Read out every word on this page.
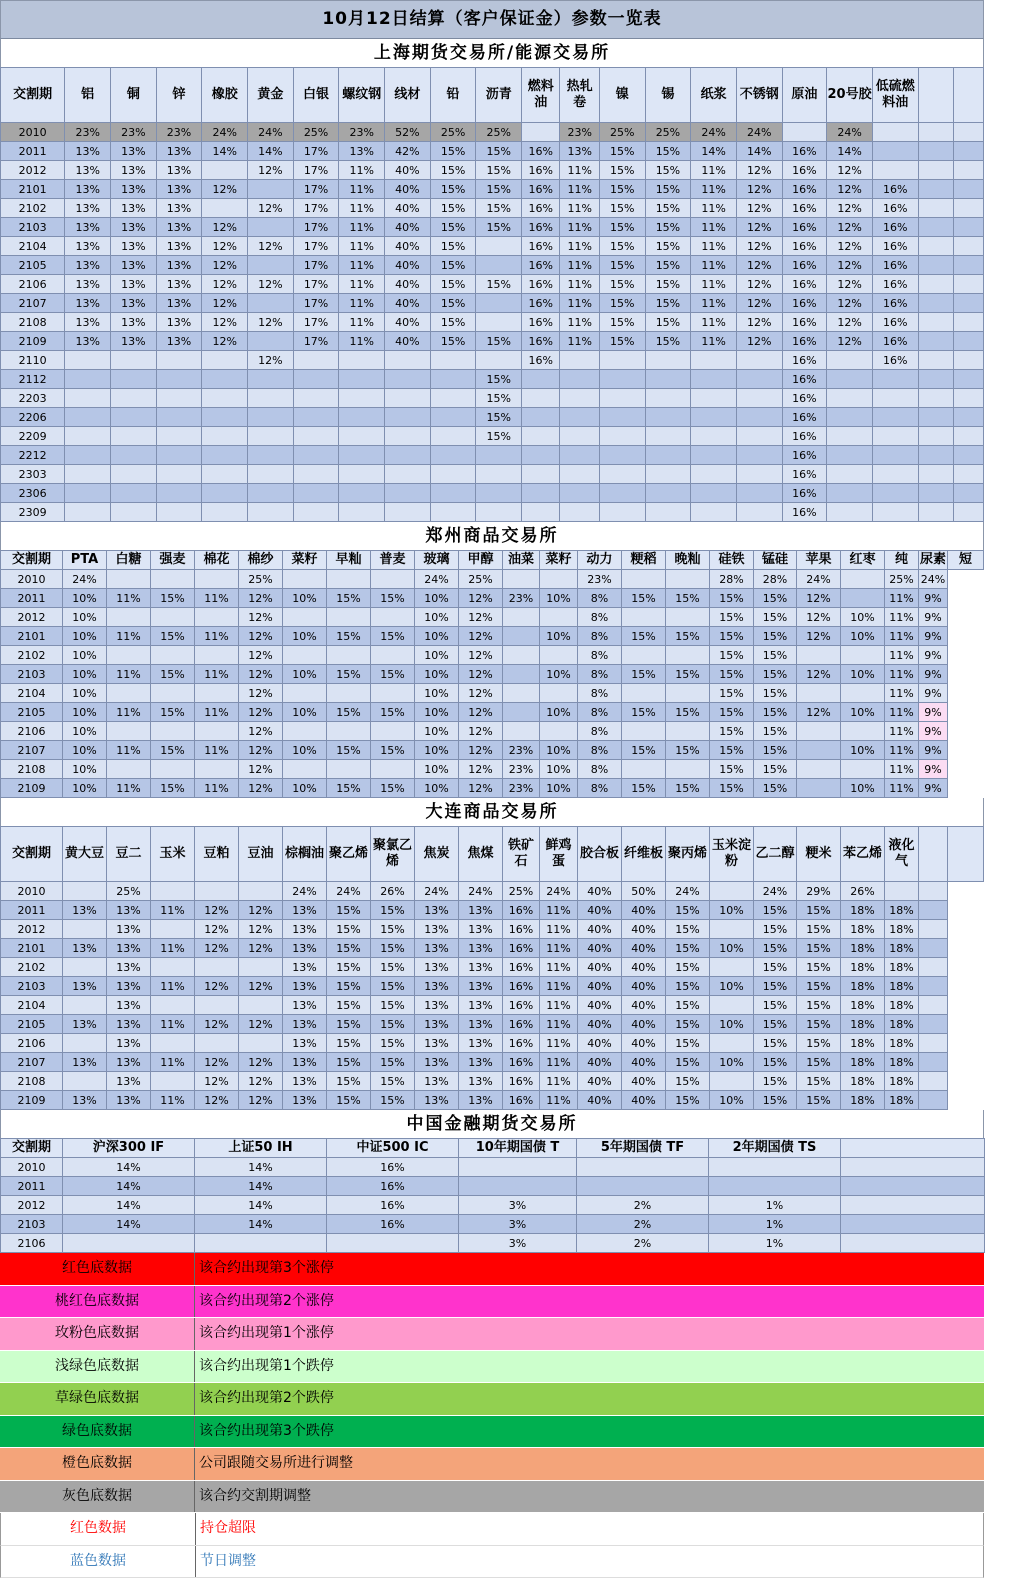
10月12日结算（客户保证金）参数一览表
上海期货交易所/能源交易所
交割期	铝	铜	锌	橡胶	黄金	白银	螺纹钢	线材	铅	沥青	燃料油	热轧卷	镍	锡	纸浆	不锈钢	原油	20号胶	低硫燃料油		
2010	23%	23%	23%	24%	24%	25%	23%	52%	25%	25%		23%	25%	25%	24%	24%		24%			
2011	13%	13%	13%	14%	14%	17%	13%	42%	15%	15%	16%	13%	15%	15%	14%	14%	16%	14%			
2012	13%	13%	13%		12%	17%	11%	40%	15%	15%	16%	11%	15%	15%	11%	12%	16%	12%			
2101	13%	13%	13%	12%		17%	11%	40%	15%	15%	16%	11%	15%	15%	11%	12%	16%	12%	16%		
2102	13%	13%	13%		12%	17%	11%	40%	15%	15%	16%	11%	15%	15%	11%	12%	16%	12%	16%		
2103	13%	13%	13%	12%		17%	11%	40%	15%	15%	16%	11%	15%	15%	11%	12%	16%	12%	16%		
2104	13%	13%	13%	12%	12%	17%	11%	40%	15%		16%	11%	15%	15%	11%	12%	16%	12%	16%		
2105	13%	13%	13%	12%		17%	11%	40%	15%		16%	11%	15%	15%	11%	12%	16%	12%	16%		
2106	13%	13%	13%	12%	12%	17%	11%	40%	15%	15%	16%	11%	15%	15%	11%	12%	16%	12%	16%		
2107	13%	13%	13%	12%		17%	11%	40%	15%		16%	11%	15%	15%	11%	12%	16%	12%	16%		
2108	13%	13%	13%	12%	12%	17%	11%	40%	15%		16%	11%	15%	15%	11%	12%	16%	12%	16%		
2109	13%	13%	13%	12%		17%	11%	40%	15%	15%	16%	11%	15%	15%	11%	12%	16%	12%	16%		
2110					12%						16%						16%		16%		
2112										15%							16%				
2203										15%							16%				
2206										15%							16%				
2209										15%							16%				
2212																	16%				
2303																	16%				
2306																	16%				
2309																	16%				
郑州商品交易所
交割期	PTA	白糖	强麦	棉花	棉纱	菜籽	早籼	普麦	玻璃	甲醇	油菜	菜籽	动力	粳稻	晚籼	硅铁	锰硅	苹果	红枣	纯	尿素	短
2010	24%				25%				24%	25%			23%			28%	28%	24%		25%	24%	
2011	10%	11%	15%	11%	12%	10%	15%	15%	10%	12%	23%	10%	8%	15%	15%	15%	15%	12%		11%	9%	
2012	10%				12%				10%	12%			8%			15%	15%	12%	10%	11%	9%	
2101	10%	11%	15%	11%	12%	10%	15%	15%	10%	12%		10%	8%	15%	15%	15%	15%	12%	10%	11%	9%	
2102	10%				12%				10%	12%			8%			15%	15%			11%	9%	
2103	10%	11%	15%	11%	12%	10%	15%	15%	10%	12%		10%	8%	15%	15%	15%	15%	12%	10%	11%	9%	
2104	10%				12%				10%	12%			8%			15%	15%			11%	9%	
2105	10%	11%	15%	11%	12%	10%	15%	15%	10%	12%		10%	8%	15%	15%	15%	15%	12%	10%	11%	9%	
2106	10%				12%				10%	12%			8%			15%	15%			11%	9%	
2107	10%	11%	15%	11%	12%	10%	15%	15%	10%	12%	23%	10%	8%	15%	15%	15%	15%		10%	11%	9%	
2108	10%				12%				10%	12%	23%	10%	8%			15%	15%			11%	9%	
2109	10%	11%	15%	11%	12%	10%	15%	15%	10%	12%	23%	10%	8%	15%	15%	15%	15%		10%	11%	9%	
大连商品交易所
交割期	黄大豆	豆二	玉米	豆粕	豆油	棕榈油	聚乙烯	聚氯乙烯	焦炭	焦煤	铁矿石	鲜鸡蛋	胶合板	纤维板	聚丙烯	玉米淀粉	乙二醇	粳米	苯乙烯	液化气		
2010		25%				24%	24%	26%	24%	24%	25%	24%	40%	50%	24%		24%	29%	26%			
2011	13%	13%	11%	12%	12%	13%	15%	15%	13%	13%	16%	11%	40%	40%	15%	10%	15%	15%	18%	18%		
2012		13%		12%	12%	13%	15%	15%	13%	13%	16%	11%	40%	40%	15%		15%	15%	18%	18%		
2101	13%	13%	11%	12%	12%	13%	15%	15%	13%	13%	16%	11%	40%	40%	15%	10%	15%	15%	18%	18%		
2102		13%				13%	15%	15%	13%	13%	16%	11%	40%	40%	15%		15%	15%	18%	18%		
2103	13%	13%	11%	12%	12%	13%	15%	15%	13%	13%	16%	11%	40%	40%	15%	10%	15%	15%	18%	18%		
2104		13%				13%	15%	15%	13%	13%	16%	11%	40%	40%	15%		15%	15%	18%	18%		
2105	13%	13%	11%	12%	12%	13%	15%	15%	13%	13%	16%	11%	40%	40%	15%	10%	15%	15%	18%	18%		
2106		13%				13%	15%	15%	13%	13%	16%	11%	40%	40%	15%		15%	15%	18%	18%		
2107	13%	13%	11%	12%	12%	13%	15%	15%	13%	13%	16%	11%	40%	40%	15%	10%	15%	15%	18%	18%		
2108		13%		12%	12%	13%	15%	15%	13%	13%	16%	11%	40%	40%	15%		15%	15%	18%	18%		
2109	13%	13%	11%	12%	12%	13%	15%	15%	13%	13%	16%	11%	40%	40%	15%	10%	15%	15%	18%	18%		
中国金融期货交易所
交割期	沪深300 IF	上证50 IH	中证500 IC	10年期国债 T	5年期国债 TF	2年期国债 TS	
2010	14%	14%	16%				
2011	14%	14%	16%				
2012	14%	14%	16%	3%	2%	1%	
2103	14%	14%	16%	3%	2%	1%	
2106				3%	2%	1%	
红色底数据	该合约出现第3个涨停
桃红色底数据	该合约出现第2个涨停
玫粉色底数据	该合约出现第1个涨停
浅绿色底数据	该合约出现第1个跌停
草绿色底数据	该合约出现第2个跌停
绿色底数据	该合约出现第3个跌停
橙色底数据	公司跟随交易所进行调整
灰色底数据	该合约交割期调整
红色数据	持仓超限
蓝色数据	节日调整
